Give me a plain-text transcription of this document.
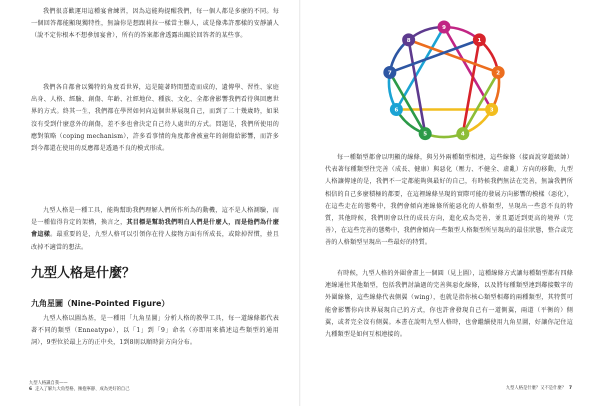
我們很喜歡運用這種宴會練習，因為這能夠提醒我們，每一個人都是多麼的不同。每一個回答都能顯現獨特性，無論你是想跟莉拉一樣當主聯人，或是像弗許那樣的安靜讀人（說不定你根本不想參加宴會），所有的答案都會透露出關於回答者的某些事。

我們各自都會以獨特的角度看世界，這是隨著時間塑造而成的，遺傳學、習性、家庭出身、人格、經驗、創傷、年齡、社經地位、種族、文化、全都會影響我們看待與回應世界的方式。終其一生，我們都在學習如何向這個世界展現自己，而到了二十幾歲時，如果沒有受到什麼意外的創傷，差不多也會決定自己待人處世的方式。問題是，我們所使用的應對策略（coping mechanism），許多看事情的角度都會被童年的創傷給影響，而許多到今都還在使用的反應都是透過不良的模式形成。

九型人格是一種工具，能夠幫助我們理解人們所作所為的動機，這不是人格測驗，而是一種值得肯定的架構，換言之，其目標是幫助我們明白人們是什麼人，而是他們為什麼會這樣。最重要的是，九型人格可以引領你在待人接物方面有所成長，或除掉習慣，並且改掉不適當的想法。

九型人格是什麼？
九角星圖（Nine-Pointed Figure）

九型人格以圖為基，是一種用「九角星圖」分析人格的教學工具，每一道線條都代表著不同的類型（Enneatype），以「1」到「9」命名（亦即用來描述這些類型的通用詞），9型位於最上方的正中央，1到8則以順時針方向分布。

九型人格識自我——
6 走入了解九大角型格，擁抱寧靜、成為更好的自己
1
2
3
4
5
6
7
8
9

每一種類型都會以明顯的線條，與另外兩種類型相連，這些線條（接面說穿超級帥）代表著每種類型往完善（成長、健康）與惡化（壓力、不健全、虛亂）方向的移動，九型人格讓傳達的是，我們不一定都能夠與最好的自己，有時候我們無法在完善，無論我們所相信的自己多麼積極的都要，在這裡線條呈現的實際可能的發展方向影響的模樣（惡化），在這些走在的態勢中，我們會傾向連線條所能惡化的人格類型，呈現出一些意不良的特質，其他時候，我們則會以往的成長方向，進化成為完善，並且逼近到更高的境界（完善），在這些完善的態勢中，我們會傾向一些類型人格類型所呈現出的最佳狀態，整合或完善的人格類型呈現出一些最好的特質。

有時候，九型人格的外圍會畫上一個圓（見上圖），這種線條方式讓每種類型都有四條連線通往其他類型，包括我們討論過的完善與惡化線條，以及將每種類型連到鄰接數字的外圍線條，這些線條代表側翼（wing），也就是指你核心類型相鄰的兩種類型，其特質可能會影響你向世界展現自己的方式，你也許會發現自己有一道側翼，兩道（平衡的）側翼，或者完全沒有側翼。本書在說明九型人格時，也會繼續使用九角星圖，好讓你記住這九種類型是如何互相連接的。

九型人格是什麼？又不是什麼？ 7
